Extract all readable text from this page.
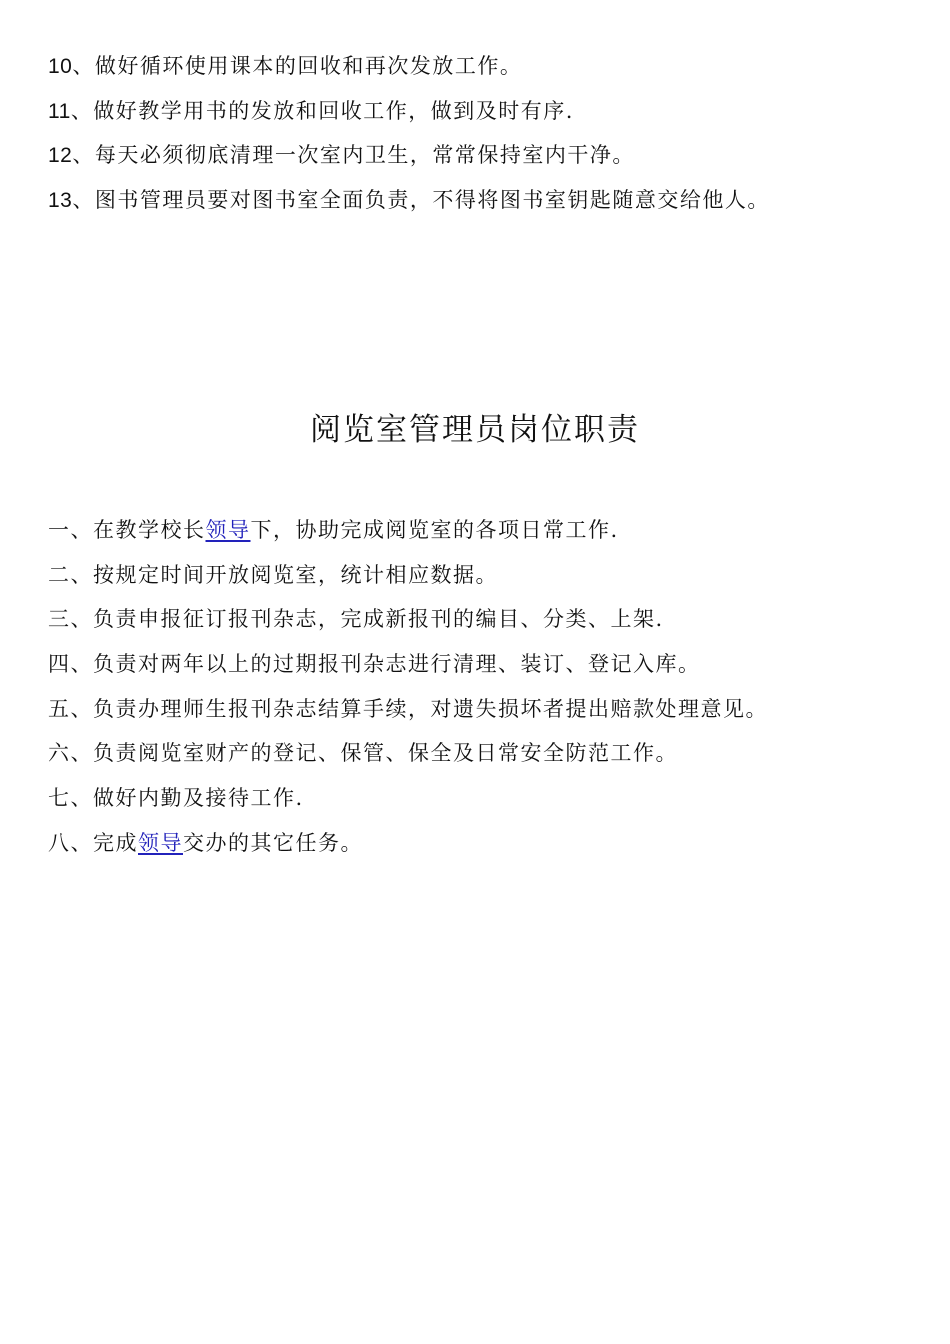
10、做好循环使用课本的回收和再次发放工作。
11、做好教学用书的发放和回收工作，做到及时有序.
12、每天必须彻底清理一次室内卫生，常常保持室内干净。
13、图书管理员要对图书室全面负责，不得将图书室钥匙随意交给他人。
阅览室管理员岗位职责
一、在教学校长领导下，协助完成阅览室的各项日常工作.
二、按规定时间开放阅览室，统计相应数据。
三、负责申报征订报刊杂志，完成新报刊的编目、分类、上架.
四、负责对两年以上的过期报刊杂志进行清理、装订、登记入库。
五、负责办理师生报刊杂志结算手续，对遗失损坏者提出赔款处理意见。
六、负责阅览室财产的登记、保管、保全及日常安全防范工作。
七、做好内勤及接待工作.
八、完成领导交办的其它任务。
